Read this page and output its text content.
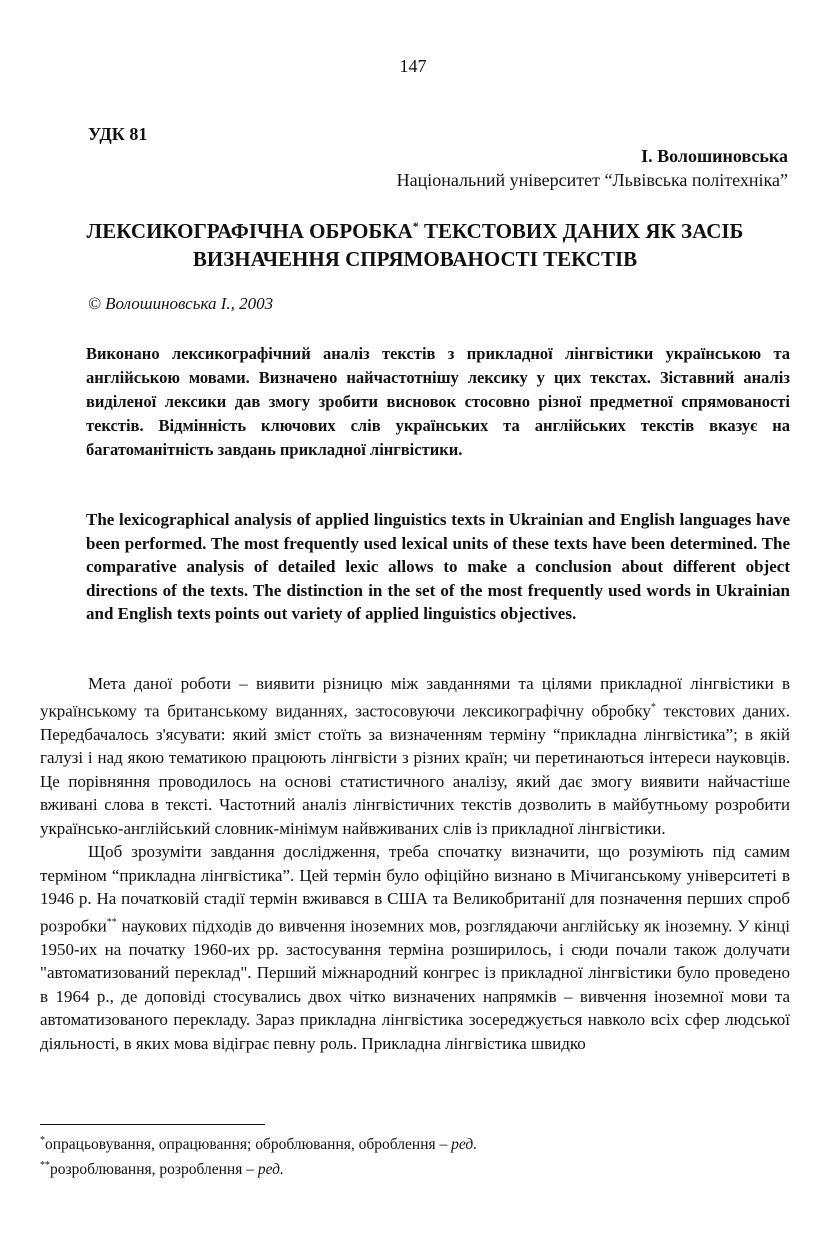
147
УДК 81
І. Волошиновська
Національний університет “Львівська політехніка”
ЛЕКСИКОГРАФІЧНА ОБРОБКА* ТЕКСТОВИХ ДАНИХ ЯК ЗАСІБ
ВИЗНАЧЕННЯ СПРЯМОВАНОСТІ ТЕКСТІВ
© Волошиновська І., 2003
Виконано лексикографічний аналіз текстів з прикладної лінгвістики українською та англійською мовами. Визначено найчастотнішу лексику у цих текстах. Зіставний аналіз виділеної лексики дав змогу зробити висновок стосовно різної предметної спрямованості текстів. Відмінність ключових слів українських та англійських текстів вказує на багатоманітність завдань прикладної лінгвістики.
The lexicographical analysis of applied linguistics texts in Ukrainian and English languages have been performed. The most frequently used lexical units of these texts have been determined. The comparative analysis of detailed lexic allows to make a conclusion about different object directions of the texts. The distinction in the set of the most frequently used words in Ukrainian and English texts points out variety of applied linguistics objectives.

Мета даної роботи – виявити різницю між завданнями та цілями прикладної лінгвістики в українському та британському виданнях, застосовуючи лексикографічну обробку* текстових даних. Передбачалось з'ясувати: який зміст стоїть за визначенням терміну “прикладна лінгвістика”; в якій галузі і над якою тематикою працюють лінгвісти з різних країн; чи перетинаються інтереси науковців. Це порівняння проводилось на основі статистичного аналізу, який дає змогу виявити найчастіше вживані слова в тексті. Частотний аналіз лінгвістичних текстів дозволить в майбутньому розробити українсько-англійський словник-мінімум найвживаних слів із прикладної лінгвістики.

Щоб зрозуміти завдання дослідження, треба спочатку визначити, що розуміють під самим терміном “прикладна лінгвістика”. Цей термін було офіційно визнано в Мічиганському університеті в 1946 р. На початковій стадії термін вживався в США та Великобританії для позначення перших спроб розробки** наукових підходів до вивчення іноземних мов, розглядаючи англійську як іноземну. У кінці 1950-их на початку 1960-их рр. застосування терміна розширилось, і сюди почали також долучати "автоматизований переклад". Перший міжнародний конгрес із прикладної лінгвістики було проведено в 1964 р., де доповіді стосувались двох чітко визначених напрямків – вивчення іноземної мови та автоматизованого перекладу. Зараз прикладна лінгвістика зосереджується навколо всіх сфер людської діяльності, в яких мова відіграє певну роль. Прикладна лінгвістика швидко

*опрацьовування, опрацювання; оброблювання, оброблення – ред.

**розроблювання, розроблення – ред.
